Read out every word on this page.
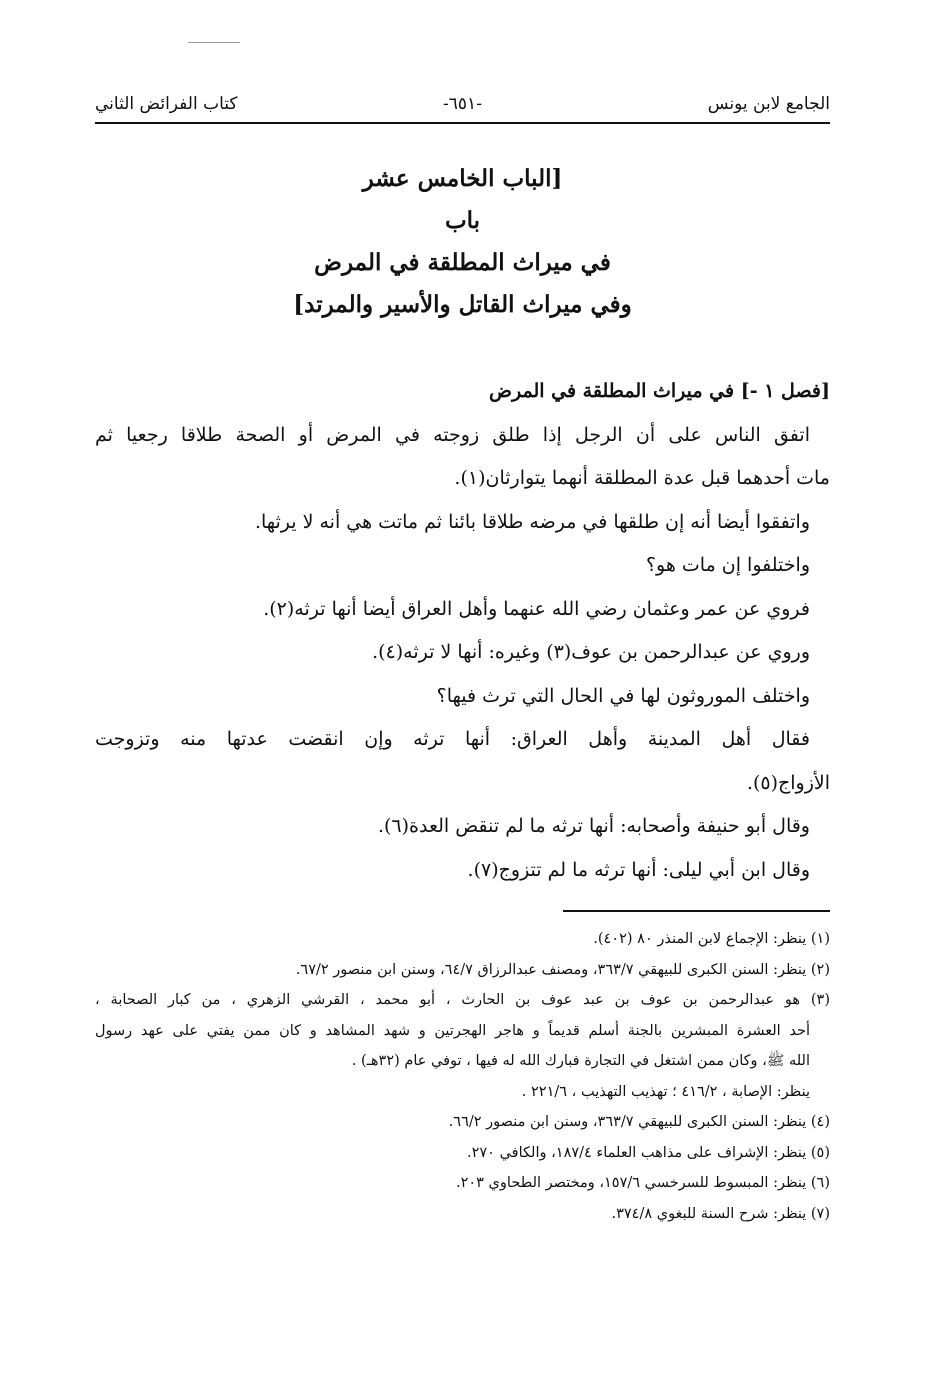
الجامع لابن يونس
-٦٥١-
كتاب الفرائض الثاني
[الباب الخامس عشر
باب
في ميراث المطلقة في المرض
وفي ميراث القاتل والأسير والمرتد]
[فصل ١ -] في ميراث المطلقة في المرض
اتفق الناس على أن الرجل إذا طلق زوجته في المرض أو الصحة طلاقا رجعيا ثم
مات أحدهما قبل عدة المطلقة أنهما يتوارثان(١).
واتفقوا أيضا أنه إن طلقها في مرضه طلاقا بائنا ثم ماتت هي أنه لا يرثها.
واختلفوا إن مات هو؟
فروي عن عمر وعثمان رضي الله عنهما وأهل العراق أيضا أنها ترثه(٢).
وروي عن عبدالرحمن بن عوف(٣) وغيره: أنها لا ترثه(٤).
واختلف الموروثون لها في الحال التي ترث فيها؟
فقال أهل المدينة وأهل العراق: أنها ترثه وإن انقضت عدتها منه وتزوجت
الأزواج(٥).
وقال أبو حنيفة وأصحابه: أنها ترثه ما لم تنقض العدة(٦).
وقال ابن أبي ليلى: أنها ترثه ما لم تتزوج(٧).
(١) ينظر: الإجماع لابن المنذر ٨٠ (٤٠٢).
(٢) ينظر: السنن الكبرى للبيهقي ٣٦٣/٧، ومصنف عبدالرزاق ٦٤/٧، وسنن ابن منصور ٦٧/٢.
(٣) هو عبدالرحمن بن عوف بن عبد عوف بن الحارث ، أبو محمد ، القرشي الزهري ، من كبار الصحابة ،
أحد العشرة المبشرين بالجنة أسلم قديماً و هاجر الهجرتين و شهد المشاهد و كان ممن يفتي على عهد رسول
الله ﷺ، وكان ممن اشتغل في التجارة فبارك الله له فيها ، توفي عام (٣٢هـ) .
ينظر: الإصابة ، ٤١٦/٢ ؛ تهذيب التهذيب ، ٢٢١/٦ .
(٤) ينظر: السنن الكبرى للبيهقي ٣٦٣/٧، وسنن ابن منصور ٦٦/٢.
(٥) ينظر: الإشراف على مذاهب العلماء ١٨٧/٤، والكافي ٢٧٠.
(٦) ينظر: المبسوط للسرخسي ١٥٧/٦، ومختصر الطحاوي ٢٠٣.
(٧) ينظر: شرح السنة للبغوي ٣٧٤/٨.
